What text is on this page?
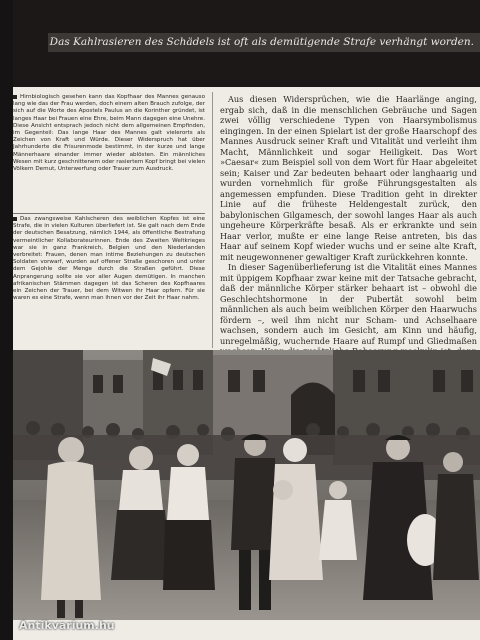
Das Kahlrasieren des Schädels ist oft als demütigende Strafe verhängt worden.
Hirnbiologisch gesehen kann das Kopfhaar des Mannes genauso lang wie das der Frau werden, doch einem alten Brauch zufolge, der sich auf die Worte des Apostels Paulus an die Korinther gründet, ist langes Haar bei Frauen eine Ehre, beim Mann dagegen eine Unehre. Diese Ansicht entsprach jedoch nicht dem allgemeinen Empfinden, im Gegenteil: Das lange Haar des Mannes galt vielerorts als Zeichen von Kraft und Würde. Dieser Widerspruch hat über Jahrhunderte die Frisurenmode bestimmt, in der kurze und lange Männerhaare einander immer wieder ablösten. Ein männliches Wesen mit kurz geschnittenem oder rasiertem Kopf bringt bei vielen Völkern Demut, Unterwerfung oder Trauer zum Ausdruck.
Das zwangsweise Kahlscheren des weiblichen Kopfes ist eine Strafe, die in vielen Kulturen überliefert ist. Sie galt nach dem Ende der deutschen Besatzung, nämlich 1944, als öffentliche Bestrafung vermeintlicher Kollaborateurinnen. Ende des Zweiten Weltkrieges war sie in ganz Frankreich, Belgien und den Niederlanden verbreitet: Frauen, denen man intime Beziehungen zu deutschen Soldaten vorwarf, wurden auf offener Straße geschoren und unter dem Gejohle der Menge durch die Straßen geführt. Diese Anprangerung sollte sie vor aller Augen demütigen. In manchen afrikanischen Stämmen dagegen ist das Scheren des Kopfhaares ein Zeichen der Trauer, bei dem Witwen ihr Haar opfern. Für sie waren es eine Strafe, wenn man ihnen vor der Zeit ihr Haar nahm.

Aus diesen Widersprüchen, wie die Haarlänge anging, ergab sich, daß in die menschlichen Gebräuche und Sagen zwei völlig verschiedene Typen von Haarsymbolismus eingingen. In der einen Spielart ist der große Haarschopf des Mannes Ausdruck seiner Kraft und Vitalität und verleiht ihm Macht, Männlichkeit und sogar Heiligkeit. Das Wort »Caesar« zum Beispiel soll von dem Wort für Haar abgeleitet sein; Kaiser und Zar bedeuten behaart oder langhaarig und wurden vornehmlich für große Führungsgestalten als angemessen empfunden. Diese Tradition geht in direkter Linie auf die früheste Heldengestalt zurück, den babylonischen Gilgamesch, der sowohl langes Haar als auch ungeheure Körperkräfte besaß. Als er erkrankte und sein Haar verlor, mußte er eine lange Reise antreten, bis das Haar auf seinem Kopf wieder wuchs und er seine alte Kraft, mit neugewonnener gewaltiger Kraft zurückkehren konnte.

In dieser Sagenüberlieferung ist die Vitalität eines Mannes mit üppigem Kopfhaar zwar keine mit der Tatsache gebracht, daß der männliche Körper stärker behaart ist – obwohl die Geschlechtshormone in der Pubertät sowohl beim männlichen als auch beim weiblichen Körper den Haarwuchs fördern –, weil ihm nicht nur Scham- und Achselhaare wachsen, sondern auch im Gesicht, am Kinn und häufig, unregelmäßig, wuchernde Haare auf Rumpf und Gliedmaßen

Antikvarium.hu
